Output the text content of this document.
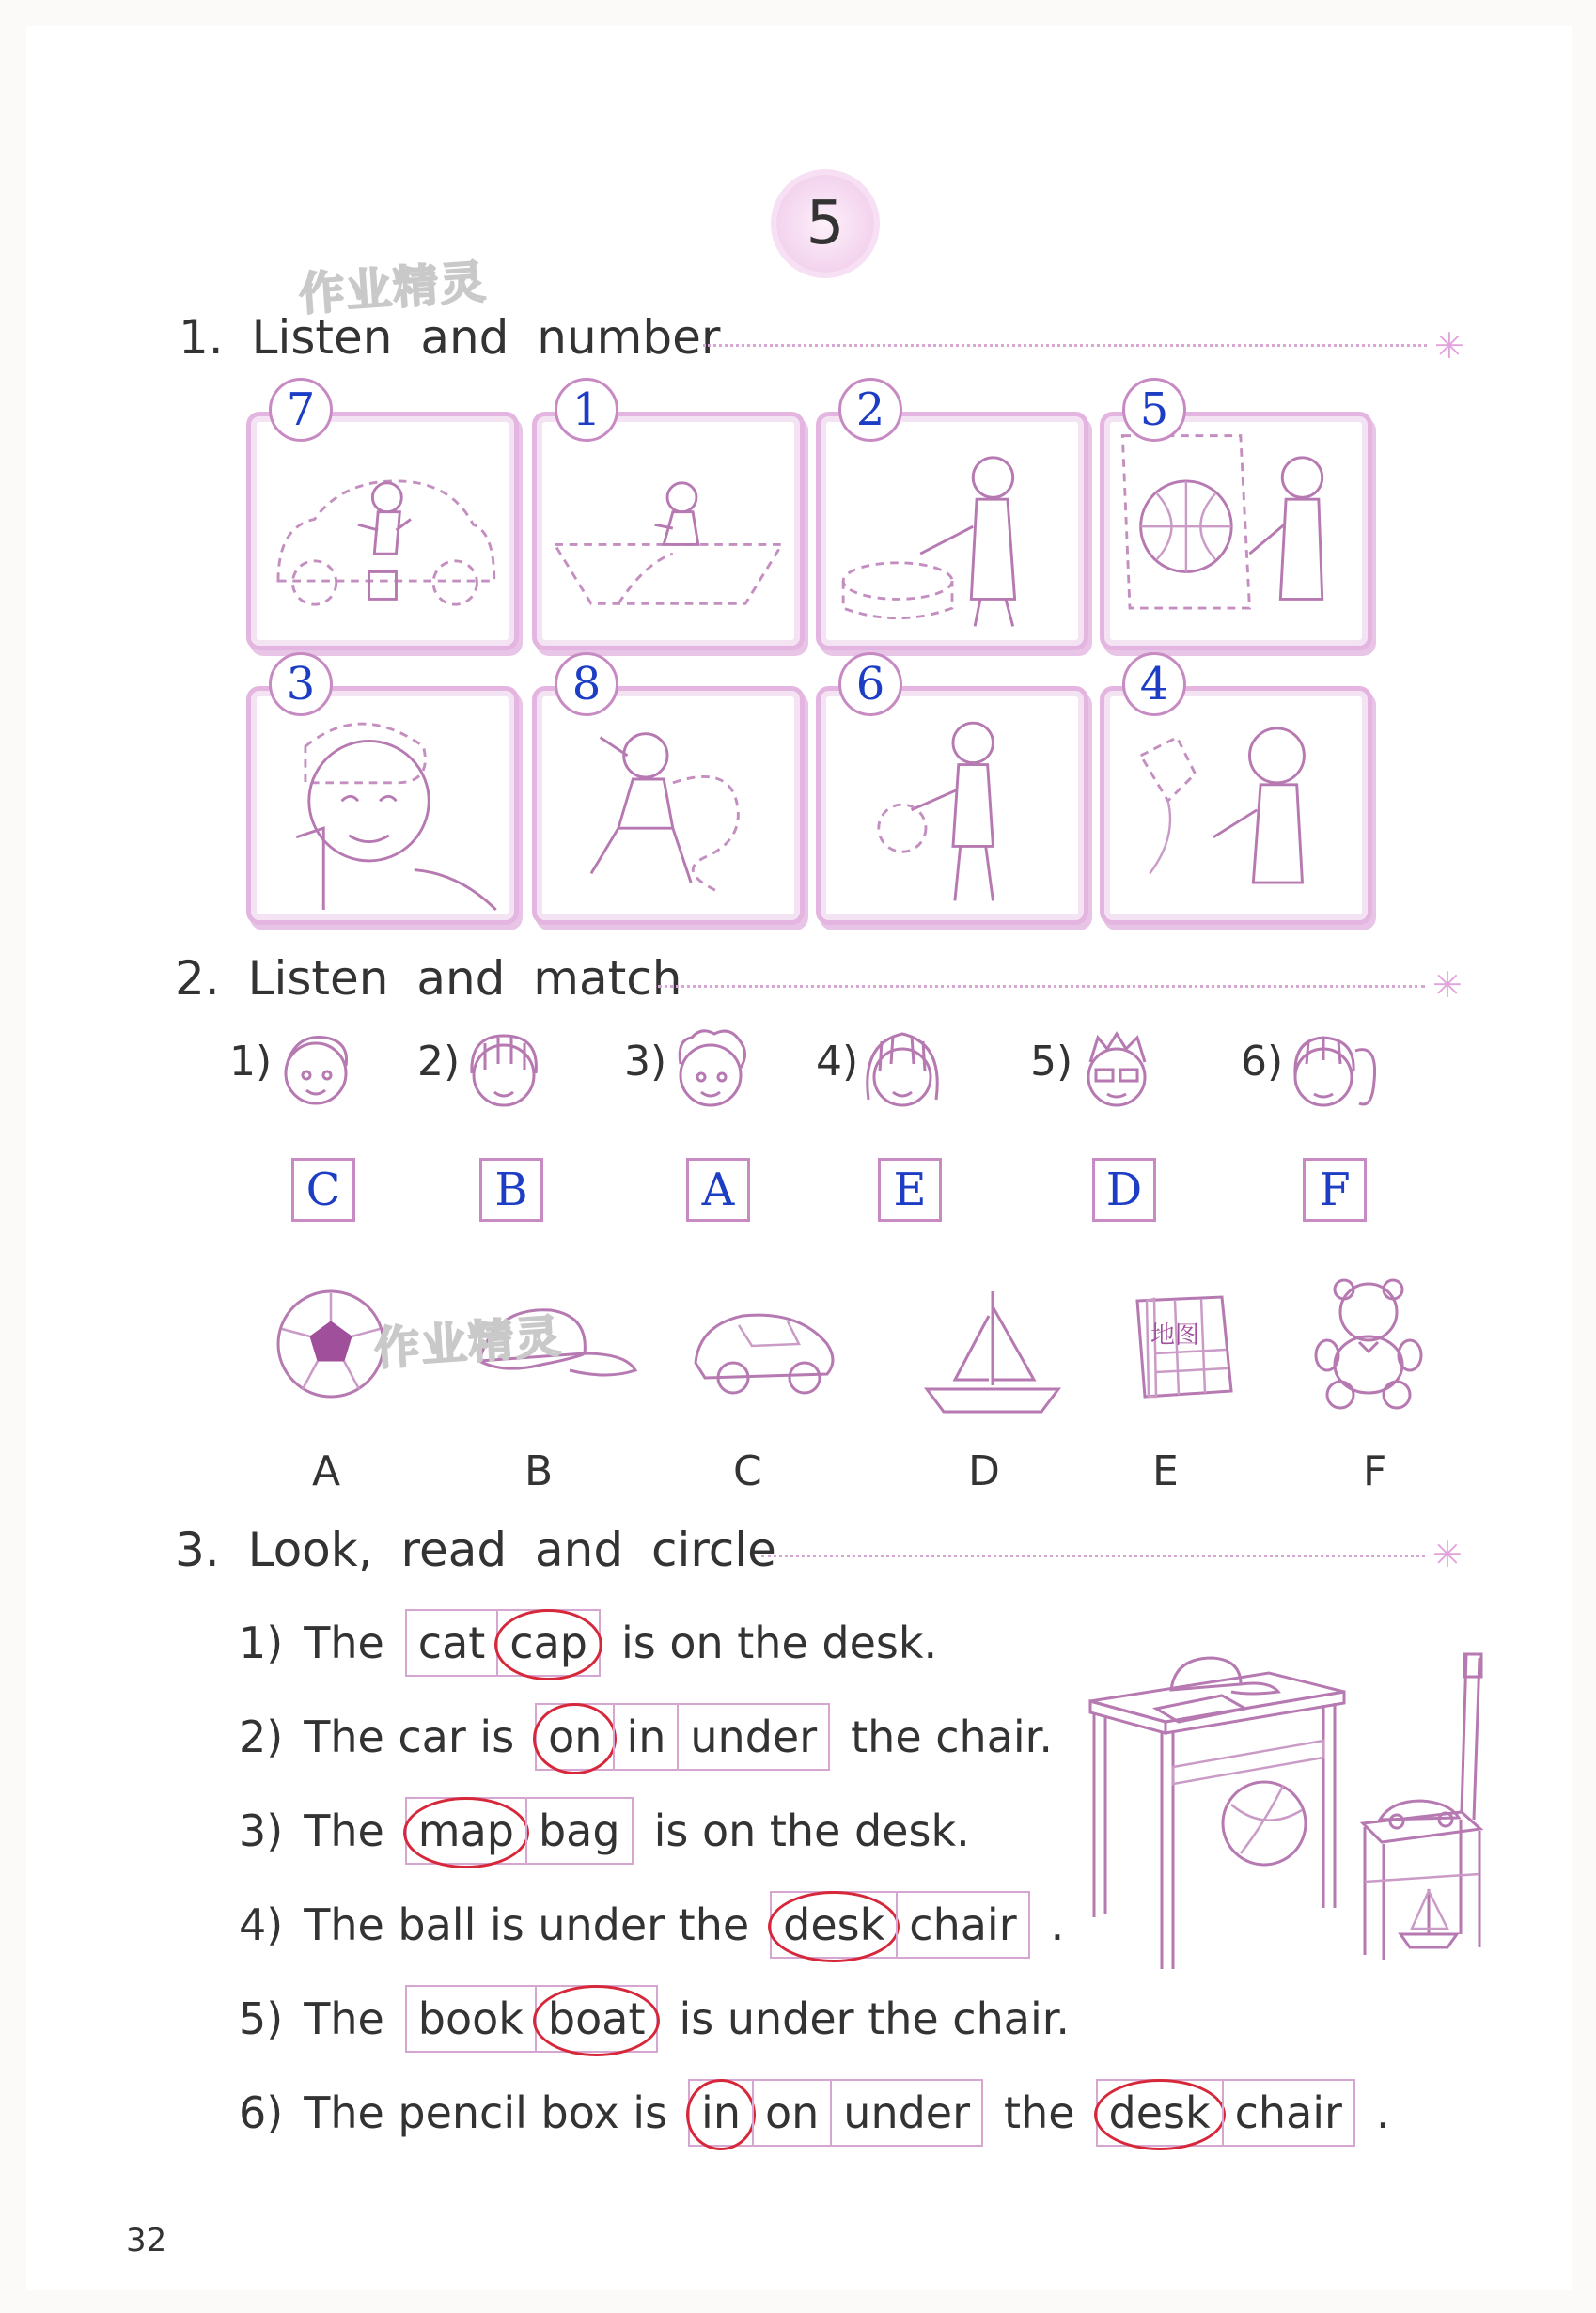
5
作业精灵
1. Listen and number	✳
7	1	2	5
3	8	6	4
2. Listen and match	✳
1)
C
2)
B
3)
A
4)
E
5)
D
6)
F
A	B	C	D
地图
E	F
作业精灵
3. Look, read and circle	✳
1) The cat cap is on the desk.
2) The car is on in under the chair.
3) The map bag is on the desk.
4) The ball is under the desk chair .
5) The book boat is under the chair.
6) The pencil box is in on under the desk chair .
32
